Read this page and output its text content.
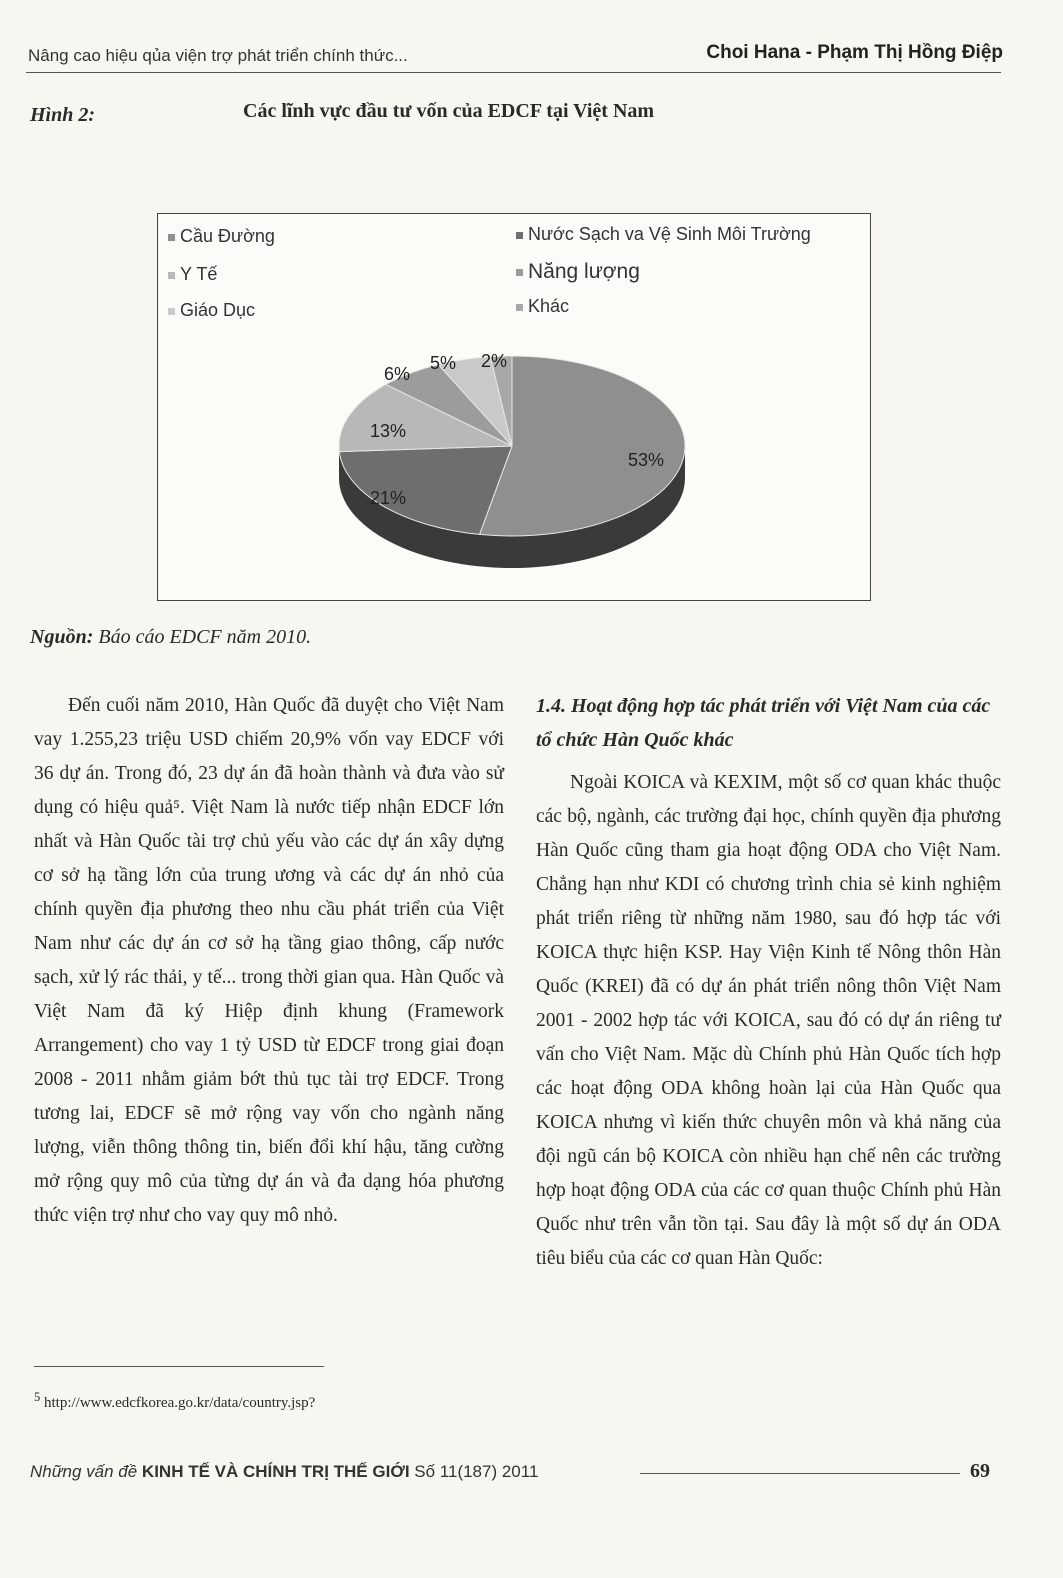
Nâng cao hiệu qủa viện trợ phát triển chính thức...	Choi Hana - Phạm Thị Hồng Điệp
Hình 2:	Các lĩnh vực đầu tư vốn của EDCF tại Việt Nam
Cầu Đường	Nước Sạch va Vệ Sinh Môi Trường
Y Tế	Năng lượng
Giáo Dục	Khác
53%
21%
13%
6%
5% 2%
Nguồn: Báo cáo EDCF năm 2010.

Đến cuối năm 2010, Hàn Quốc đã duyệt cho Việt Nam vay 1.255,23 triệu USD chiếm 20,9% vốn vay EDCF với 36 dự án. Trong đó, 23 dự án đã hoàn thành và đưa vào sử dụng có hiệu quả⁵. Việt Nam là nước tiếp nhận EDCF lớn nhất và Hàn Quốc tài trợ chủ yếu vào các dự án xây dựng cơ sở hạ tầng lớn của trung ương và các dự án nhỏ của chính quyền địa phương theo nhu cầu phát triển của Việt Nam như các dự án cơ sở hạ tầng giao thông, cấp nước sạch, xử lý rác thải, y tế... trong thời gian qua. Hàn Quốc và Việt Nam đã ký Hiệp định khung (Framework Arrangement) cho vay 1 tỷ USD từ EDCF trong giai đoạn 2008 - 2011 nhằm giảm bớt thủ tục tài trợ EDCF. Trong tương lai, EDCF sẽ mở rộng vay vốn cho ngành năng lượng, viễn thông thông tin, biến đổi khí hậu, tăng cường mở rộng quy mô của từng dự án và đa dạng hóa phương thức viện trợ như cho vay quy mô nhỏ.

1.4. Hoạt động hợp tác phát triển với Việt Nam của các tổ chức Hàn Quốc khác

Ngoài KOICA và KEXIM, một số cơ quan khác thuộc các bộ, ngành, các trường đại học, chính quyền địa phương Hàn Quốc cũng tham gia hoạt động ODA cho Việt Nam. Chẳng hạn như KDI có chương trình chia sẻ kinh nghiệm phát triển riêng từ những năm 1980, sau đó hợp tác với KOICA thực hiện KSP. Hay Viện Kinh tế Nông thôn Hàn Quốc (KREI) đã có dự án phát triển nông thôn Việt Nam 2001 - 2002 hợp tác với KOICA, sau đó có dự án riêng tư vấn cho Việt Nam. Mặc dù Chính phủ Hàn Quốc tích hợp các hoạt động ODA không hoàn lại của Hàn Quốc qua KOICA nhưng vì kiến thức chuyên môn và khả năng của đội ngũ cán bộ KOICA còn nhiều hạn chế nên các trường hợp hoạt động ODA của các cơ quan thuộc Chính phủ Hàn Quốc như trên vẫn tồn tại. Sau đây là một số dự án ODA tiêu biểu của các cơ quan Hàn Quốc:

$^5$ http://www.edcfkorea.go.kr/data/country.jsp?
Những vấn đề KINH TẾ VÀ CHÍNH TRỊ THẾ GIỚI Số 11(187) 2011	69
